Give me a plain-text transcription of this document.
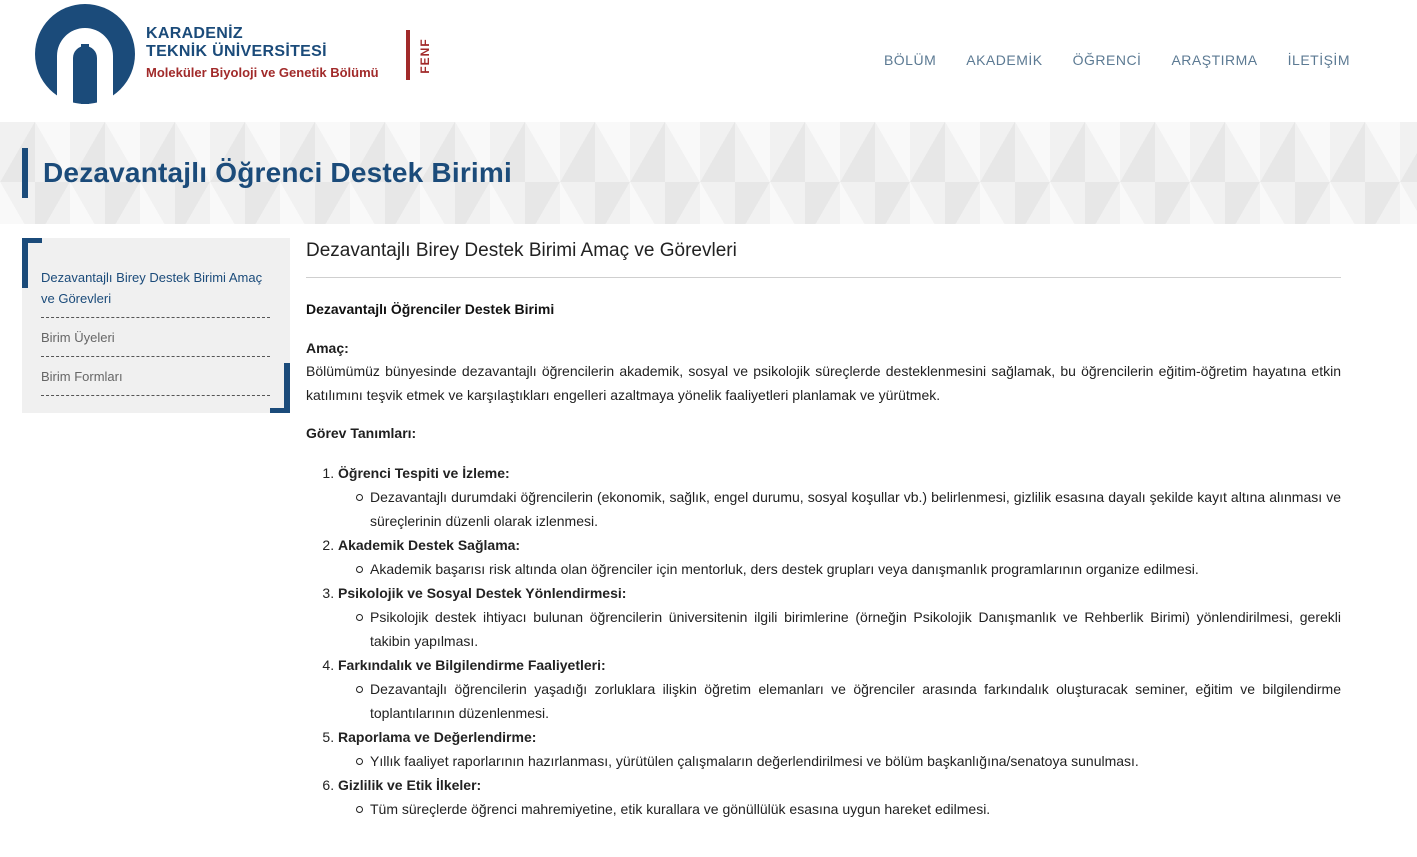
KARADENİZ
TEKNİK ÜNİVERSİTESİ
Moleküler Biyoloji ve Genetik Bölümü	FENF	BÖLÜM AKADEMİK ÖĞRENCİ ARAŞTIRMA İLETİŞİM
Dezavantajlı Öğrenci Destek Birimi
Dezavantajlı Birey Destek Birimi Amaç ve Görevleri
Birim Üyeleri
Birim Formları
Dezavantajlı Birey Destek Birimi Amaç ve Görevleri
Dezavantajlı Öğrenciler Destek Birimi
Amaç:

Bölümümüz bünyesinde dezavantajlı öğrencilerin akademik, sosyal ve psikolojik süreçlerde desteklenmesini sağlamak, bu öğrencilerin eğitim-öğretim hayatına etkin katılımını teşvik etmek ve karşılaştıkları engelleri azaltmaya yönelik faaliyetleri planlamak ve yürütmek.

Görev Tanımları:
1. Öğrenci Tespiti ve İzleme:
Dezavantajlı durumdaki öğrencilerin (ekonomik, sağlık, engel durumu, sosyal koşullar vb.) belirlenmesi, gizlilik esasına dayalı şekilde kayıt altına alınması ve süreçlerinin düzenli olarak izlenmesi.
2. Akademik Destek Sağlama:
Akademik başarısı risk altında olan öğrenciler için mentorluk, ders destek grupları veya danışmanlık programlarının organize edilmesi.
3. Psikolojik ve Sosyal Destek Yönlendirmesi:
Psikolojik destek ihtiyacı bulunan öğrencilerin üniversitenin ilgili birimlerine (örneğin Psikolojik Danışmanlık ve Rehberlik Birimi) yönlendirilmesi, gerekli takibin yapılması.
4. Farkındalık ve Bilgilendirme Faaliyetleri:
Dezavantajlı öğrencilerin yaşadığı zorluklara ilişkin öğretim elemanları ve öğrenciler arasında farkındalık oluşturacak seminer, eğitim ve bilgilendirme toplantılarının düzenlenmesi.
5. Raporlama ve Değerlendirme:
Yıllık faaliyet raporlarının hazırlanması, yürütülen çalışmaların değerlendirilmesi ve bölüm başkanlığına/senatoya sunulması.
6. Gizlilik ve Etik İlkeler:
Tüm süreçlerde öğrenci mahremiyetine, etik kurallara ve gönüllülük esasına uygun hareket edilmesi.
